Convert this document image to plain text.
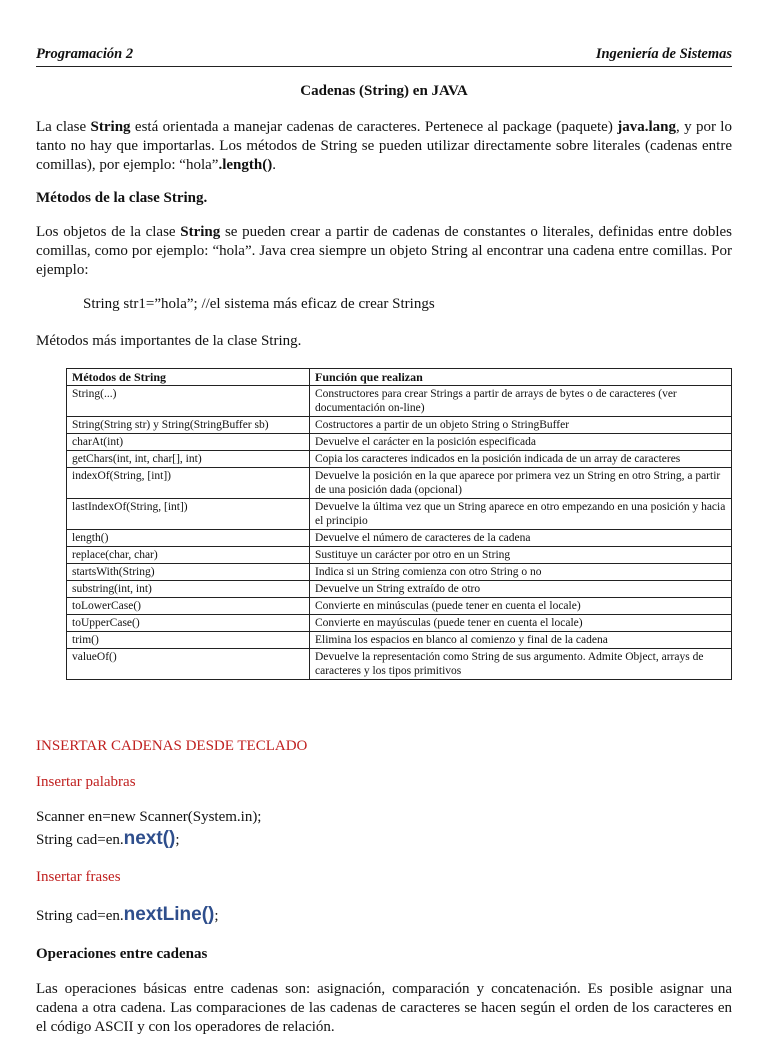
Programación 2	Ingeniería de Sistemas
Cadenas (String) en JAVA

La clase String está orientada a manejar cadenas de caracteres. Pertenece al package (paquete) java.lang, y por lo tanto no hay que importarlas. Los métodos de String se pueden utilizar directamente sobre literales (cadenas entre comillas), por ejemplo: “hola”.length().

Métodos de la clase String.

Los objetos de la clase String se pueden crear a partir de cadenas de constantes o literales, definidas entre dobles comillas, como por ejemplo: “hola”. Java crea siempre un objeto String al encontrar una cadena entre comillas. Por ejemplo:

String str1=”hola”; //el sistema más eficaz de crear Strings
Métodos más importantes de la clase String.
Métodos de String	Función que realizan
String(...)	Constructores para crear Strings a partir de arrays de bytes o de caracteres (ver documentación on-line)
String(String str) y String(StringBuffer sb)	Costructores a partir de un objeto String o StringBuffer
charAt(int)	Devuelve el carácter en la posición especificada
getChars(int, int, char[], int)	Copia los caracteres indicados en la posición indicada de un array de caracteres
indexOf(String, [int])	Devuelve la posición en la que aparece por primera vez un String en otro String, a partir de una posición dada (opcional)
lastIndexOf(String, [int])	Devuelve la última vez que un String aparece en otro empezando en una posición y hacia el principio
length()	Devuelve el número de caracteres de la cadena
replace(char, char)	Sustituye un carácter por otro en un String
startsWith(String)	Indica si un String comienza con otro String o no
substring(int, int)	Devuelve un String extraído de otro
toLowerCase()	Convierte en minúsculas (puede tener en cuenta el locale)
toUpperCase()	Convierte en mayúsculas (puede tener en cuenta el locale)
trim()	Elimina los espacios en blanco al comienzo y final de la cadena
valueOf()	Devuelve la representación como String de sus argumento. Admite Object, arrays de caracteres y los tipos primitivos
INSERTAR CADENAS DESDE TECLADO
Insertar palabras
Scanner en=new Scanner(System.in);
String cad=en.next();
Insertar frases
String cad=en.nextLine();
Operaciones entre cadenas

Las operaciones básicas entre cadenas son: asignación, comparación y concatenación. Es posible asignar una cadena a otra cadena. Las comparaciones de las cadenas de caracteres se hacen según el orden de los caracteres en el código ASCII y con los operadores de relación.
